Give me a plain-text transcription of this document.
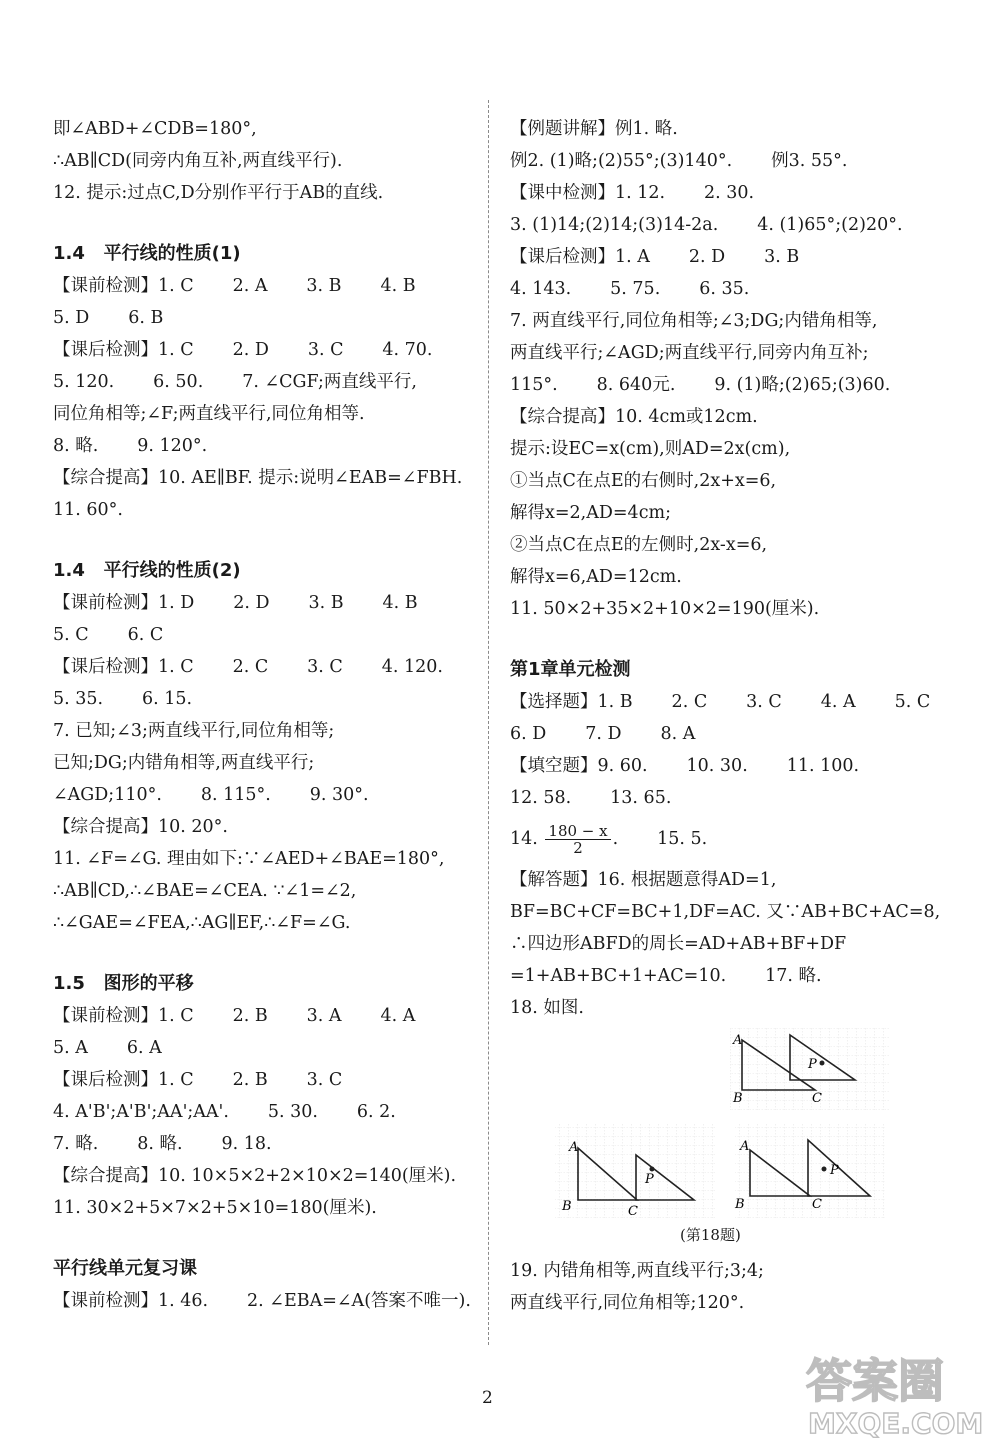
即∠ABD+∠CDB=180°,
∴AB∥CD(同旁内角互补,两直线平行).
12. 提示:过点C,D分别作平行于AB的直线.
1.4   平行线的性质(1)
【课前检测】1. C       2. A       3. B       4. B
5. D       6. B
【课后检测】1. C       2. D       3. C       4. 70.
5. 120.       6. 50.       7. ∠CGF;两直线平行,
同位角相等;∠F;两直线平行,同位角相等.
8. 略.       9. 120°.
【综合提高】10. AE∥BF. 提示:说明∠EAB=∠FBH.
11. 60°.
1.4   平行线的性质(2)
【课前检测】1. D       2. D       3. B       4. B
5. C       6. C
【课后检测】1. C       2. C       3. C       4. 120.
5. 35.       6. 15.
7. 已知;∠3;两直线平行,同位角相等;
已知;DG;内错角相等,两直线平行;
∠AGD;110°.       8. 115°.       9. 30°.
【综合提高】10. 20°.
11. ∠F=∠G. 理由如下:∵∠AED+∠BAE=180°,
∴AB∥CD,∴∠BAE=∠CEA. ∵∠1=∠2,
∴∠GAE=∠FEA,∴AG∥EF,∴∠F=∠G.
1.5   图形的平移
【课前检测】1. C       2. B       3. A       4. A
5. A       6. A
【课后检测】1. C       2. B       3. C
4. A'B';A'B';AA';AA'.       5. 30.       6. 2.
7. 略.       8. 略.       9. 18.
【综合提高】10. 10×5×2+2×10×2=140(厘米).
11. 30×2+5×7×2+5×10=180(厘米).
平行线单元复习课
【课前检测】1. 46.       2. ∠EBA=∠A(答案不唯一).
【例题讲解】例1. 略.
例2. (1)略;(2)55°;(3)140°.       例3. 55°.
【课中检测】1. 12.       2. 30.
3. (1)14;(2)14;(3)14-2a.       4. (1)65°;(2)20°.
【课后检测】1. A       2. D       3. B
4. 143.       5. 75.       6. 35.
7. 两直线平行,同位角相等;∠3;DG;内错角相等,
两直线平行;∠AGD;两直线平行,同旁内角互补;
115°.       8. 640元.       9. (1)略;(2)65;(3)60.
【综合提高】10. 4cm或12cm.
提示:设EC=x(cm),则AD=2x(cm),
①当点C在点E的右侧时,2x+x=6,
解得x=2,AD=4cm;
②当点C在点E的左侧时,2x-x=6,
解得x=6,AD=12cm.
11. 50×2+35×2+10×2=190(厘米).
第1章单元检测
【选择题】1. B       2. C       3. C       4. A       5. C
6. D       7. D       8. A
【填空题】9. 60.       10. 30.       11. 100.
12. 58.       13. 65.
14. $\frac{180 - x}{2}$ .       15. 5.
【解答题】16. 根据题意得AD=1,
BF=BC+CF=BC+1,DF=AC. 又∵AB+BC+AC=8,
∴四边形ABFD的周长=AD+AB+BF+DF
=1+AB+BC+1+AC=10.       17. 略.
18. 如图.
A
B	C
P
A
B	C
P
A
B	C
P
(第18题)
19. 内错角相等,两直线平行;3;4;
两直线平行,同位角相等;120°.
2	答案圈
MXQE.COM
